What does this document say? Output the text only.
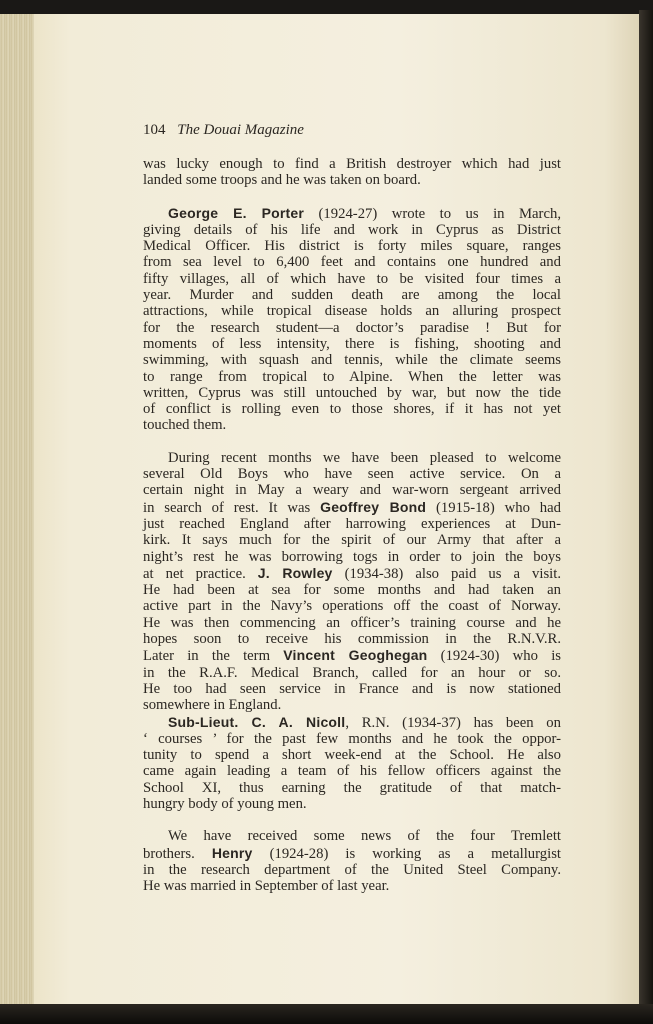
104 The Douai Magazine
was lucky enough to find a British destroyer which had just
landed some troops and he was taken on board.
George E. Porter (1924-27) wrote to us in March,
giving details of his life and work in Cyprus as District
Medical Officer. His district is forty miles square, ranges
from sea level to 6,400 feet and contains one hundred and
fifty villages, all of which have to be visited four times a
year. Murder and sudden death are among the local
attractions, while tropical disease holds an alluring prospect
for the research student—a doctor’s paradise ! But for
moments of less intensity, there is fishing, shooting and
swimming, with squash and tennis, while the climate seems
to range from tropical to Alpine. When the letter was
written, Cyprus was still untouched by war, but now the tide
of conflict is rolling even to those shores, if it has not yet
touched them.
During recent months we have been pleased to welcome
several Old Boys who have seen active service. On a
certain night in May a weary and war-worn sergeant arrived
in search of rest. It was Geoffrey Bond (1915-18) who had
just reached England after harrowing experiences at Dun-
kirk. It says much for the spirit of our Army that after a
night’s rest he was borrowing togs in order to join the boys
at net practice. J. Rowley (1934-38) also paid us a visit.
He had been at sea for some months and had taken an
active part in the Navy’s operations off the coast of Norway.
He was then commencing an officer’s training course and he
hopes soon to receive his commission in the R.N.V.R.
Later in the term Vincent Geoghegan (1924-30) who is
in the R.A.F. Medical Branch, called for an hour or so.
He too had seen service in France and is now stationed
somewhere in England.
Sub-Lieut. C. A. Nicoll, R.N. (1934-37) has been on
‘ courses ’ for the past few months and he took the oppor-
tunity to spend a short week-end at the School. He also
came again leading a team of his fellow officers against the
School XI, thus earning the gratitude of that match-
hungry body of young men.
We have received some news of the four Tremlett
brothers. Henry (1924-28) is working as a metallurgist
in the research department of the United Steel Company.
He was married in September of last year.
